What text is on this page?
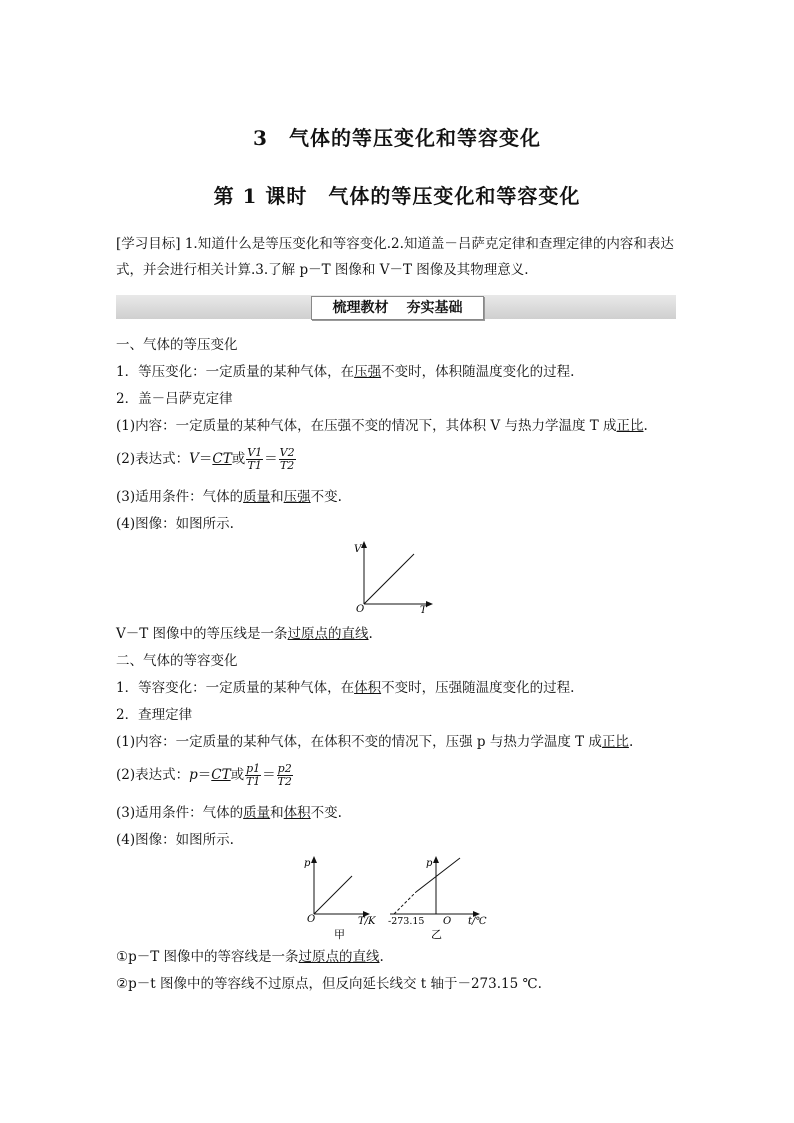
3　气体的等压变化和等容变化
第 1 课时　气体的等压变化和等容变化
[学习目标] 1.知道什么是等压变化和等容变化.2.知道盖－吕萨克定律和查理定律的内容和表达式，并会进行相关计算.3.了解 p－T 图像和 V－T 图像及其物理意义.
梳理教材 夯实基础
一、气体的等压变化
1．等压变化：一定质量的某种气体，在压强不变时，体积随温度变化的过程.
2．盖－吕萨克定律
(1)内容：一定质量的某种气体，在压强不变的情况下，其体积 V 与热力学温度 T 成正比.
(2)表达式：V＝CT或 $\frac{V1}{T1} = \frac{V2}{T2}$
(3)适用条件：气体的质量和压强不变.
(4)图像：如图所示.
V
O	T
V－T 图像中的等压线是一条过原点的直线.
二、气体的等容变化
1．等容变化：一定质量的某种气体，在体积不变时，压强随温度变化的过程.
2．查理定律
(1)内容：一定质量的某种气体，在体积不变的情况下，压强 p 与热力学温度 T 成正比.
(2)表达式：p＝CT或 $\frac{p1}{T1} = \frac{p2}{T2}$
(3)适用条件：气体的质量和体积不变.
(4)图像：如图所示.
p
O	T/K
甲
p
O
-273.15	t/℃
乙
①p－T 图像中的等容线是一条过原点的直线.
②p－t 图像中的等容线不过原点，但反向延长线交 t 轴于－273.15 ℃.
